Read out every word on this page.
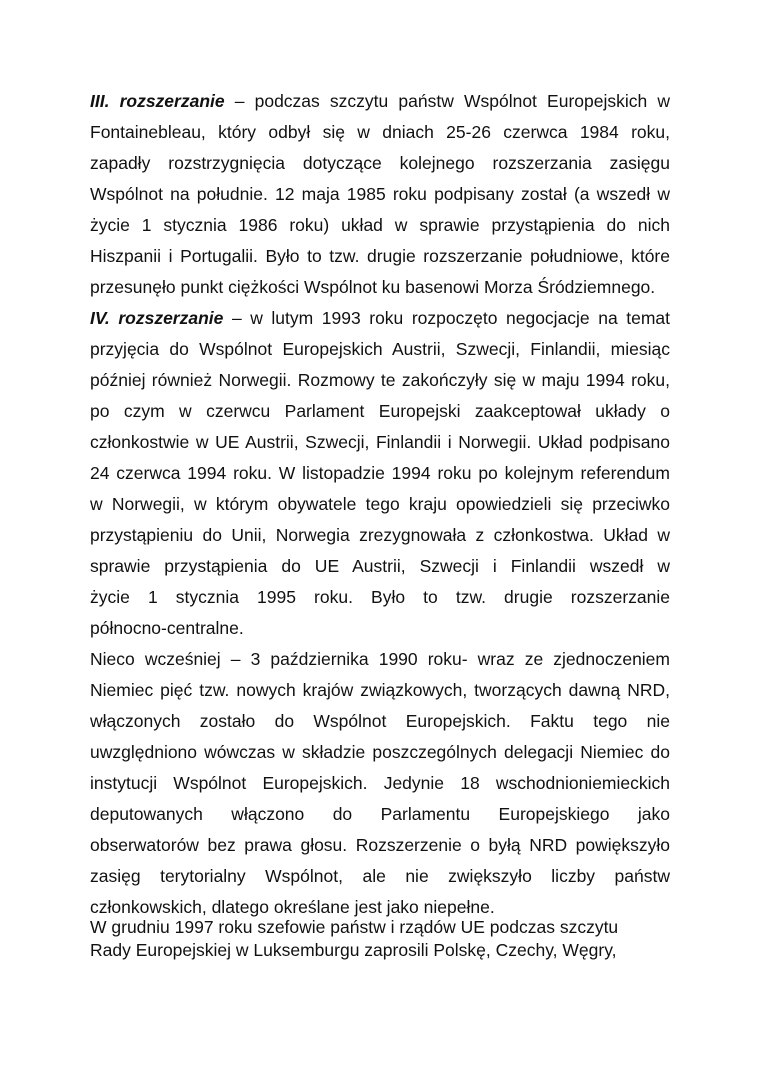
III. rozszerzanie – podczas szczytu państw Wspólnot Europejskich w
Fontainebleau, który odbył się w dniach 25-26 czerwca 1984 roku,
zapadły rozstrzygnięcia dotyczące kolejnego rozszerzania zasięgu
Wspólnot na południe. 12 maja 1985 roku podpisany został (a wszedł w
życie 1 stycznia 1986 roku) układ w sprawie przystąpienia do nich
Hiszpanii i Portugalii. Było to tzw. drugie rozszerzanie południowe, które
przesunęło punkt ciężkości Wspólnot ku basenowi Morza Śródziemnego.
IV. rozszerzanie – w lutym 1993 roku rozpoczęto negocjacje na temat
przyjęcia do Wspólnot Europejskich Austrii, Szwecji, Finlandii, miesiąc
później również Norwegii. Rozmowy te zakończyły się w maju 1994 roku,
po czym w czerwcu Parlament Europejski zaakceptował układy o
członkostwie w UE Austrii, Szwecji, Finlandii i Norwegii. Układ podpisano
24 czerwca 1994 roku. W listopadzie 1994 roku po kolejnym referendum
w Norwegii, w którym obywatele tego kraju opowiedzieli się przeciwko
przystąpieniu do Unii, Norwegia zrezygnowała z członkostwa. Układ w
sprawie przystąpienia do UE Austrii, Szwecji i Finlandii wszedł w
życie 1 stycznia 1995 roku. Było to tzw. drugie rozszerzanie
północno-centralne.
Nieco wcześniej – 3 października 1990 roku- wraz ze zjednoczeniem
Niemiec pięć tzw. nowych krajów związkowych, tworzących dawną NRD,
włączonych zostało do Wspólnot Europejskich. Faktu tego nie
uwzględniono wówczas w składzie poszczególnych delegacji Niemiec do
instytucji Wspólnot Europejskich. Jedynie 18 wschodnioniemieckich
deputowanych włączono do Parlamentu Europejskiego jako
obserwatorów bez prawa głosu. Rozszerzenie o byłą NRD powiększyło
zasięg terytorialny Wspólnot, ale nie zwiększyło liczby państw
członkowskich, dlatego określane jest jako niepełne.
W grudniu 1997 roku szefowie państw i rządów UE podczas szczytu
Rady Europejskiej w Luksemburgu zaprosili Polskę, Czechy, Węgry,
